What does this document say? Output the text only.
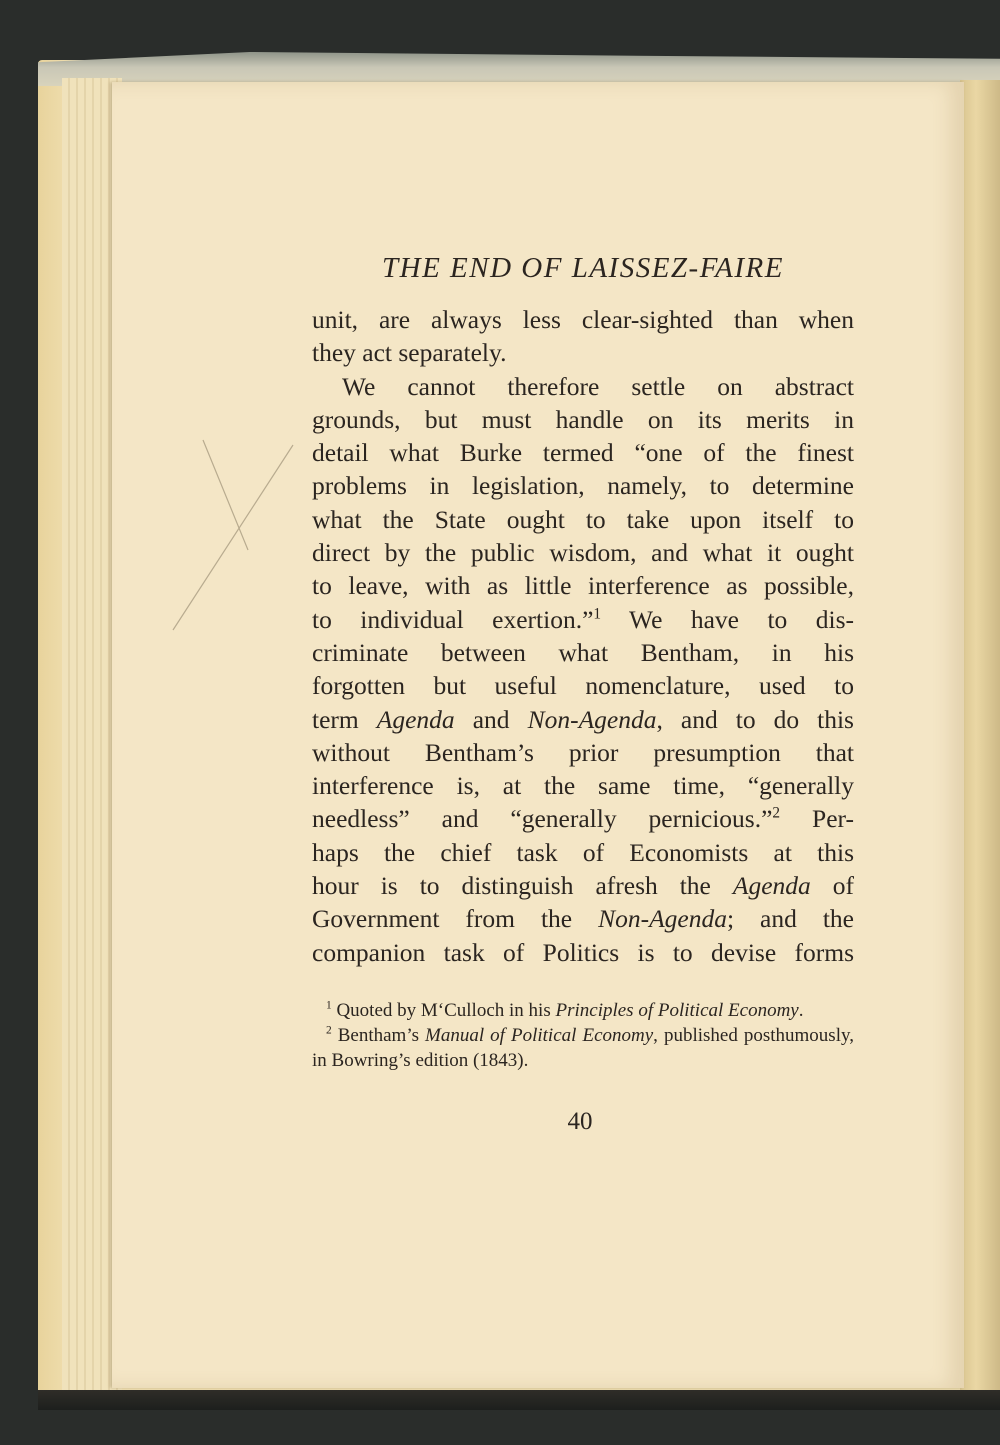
THE END OF LAISSEZ-FAIRE

unit, are always less clear-sighted than when

they act separately.

We cannot therefore settle on abstract

grounds, but must handle on its merits in

detail what Burke termed “one of the finest

problems in legislation, namely, to determine

what the State ought to take upon itself to

direct by the public wisdom, and what it ought

to leave, with as little interference as possible,

to individual exertion.”$^1$ We have to dis-

criminate between what Bentham, in his

forgotten but useful nomenclature, used to

term Agenda and Non-Agenda, and to do this

without Bentham’s prior presumption that

interference is, at the same time, “generally

needless” and “generally pernicious.”$^2$ Per-

haps the chief task of Economists at this

hour is to distinguish afresh the Agenda of

Government from the Non-Agenda; and the

companion task of Politics is to devise forms

$^1$ Quoted by M‘Culloch in his Principles of Political Economy.

$^2$ Bentham’s Manual of Political Economy, published posthumously, in Bowring’s edition (1843).

40
